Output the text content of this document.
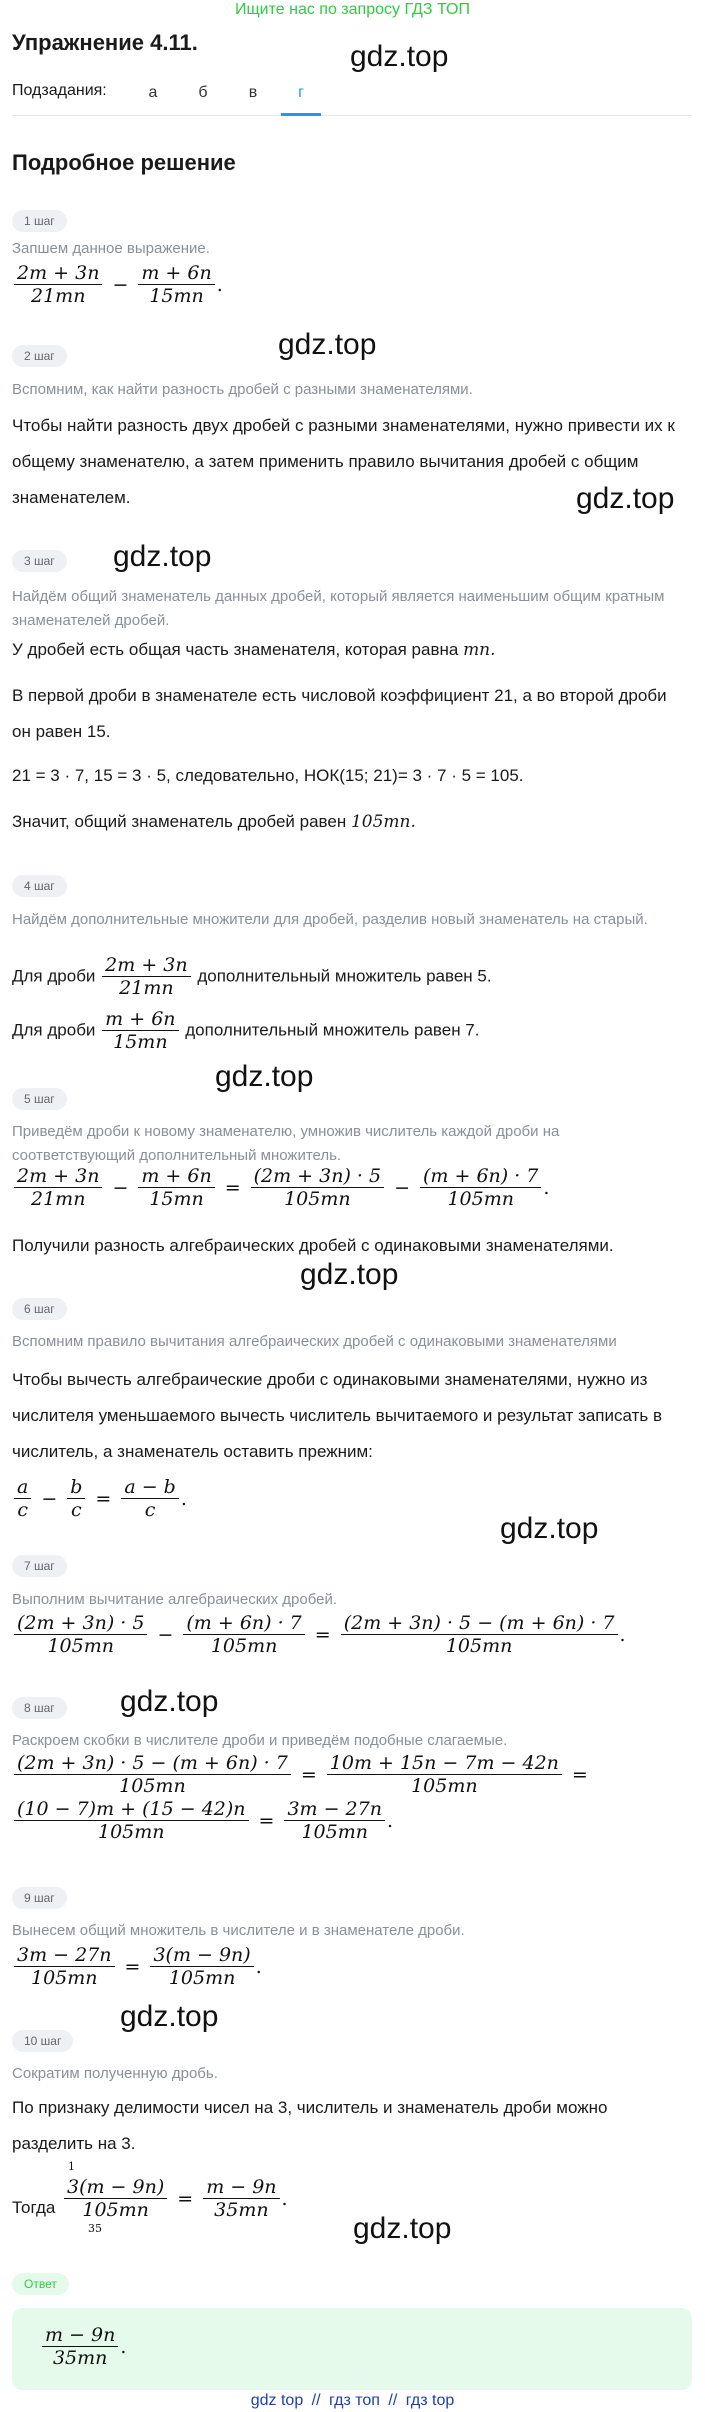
Ищите нас по запросу ГДЗ ТОП
Упражнение 4.11.
Подзадания:	а	б	в	г
gdz.top
Подробное решение
1 шаг
Запшем данное выражение.
$\frac{2m + 3n}{21mn} - \frac{m + 6n}{15mn}$ .
gdz.top
2 шаг
Вспомним, как найти разность дробей с разными знаменателями.
Чтобы найти разность двух дробей с разными знаменателями, нужно привести их к общему знаменателю, а затем применить правило вычитания дробей с общим знаменателем.	gdz.top
gdz.top
3 шаг
Найдём общий знаменатель данных дробей, который является наименьшим общим кратным знаменателей дробей.
У дробей есть общая часть знаменателя, которая равна mn.
В первой дроби в знаменателе есть числовой коэффициент 21, а во второй дроби он равен 15.
21 = 3 · 7, 15 = 3 · 5, следовательно, НОК(15; 21)= 3 · 7 · 5 = 105.
Значит, общий знаменатель дробей равен 105mn.
4 шаг
Найдём дополнительные множители для дробей, разделив новый знаменатель на старый.
Для дроби $\frac{2m + 3n}{21mn}$ дополнительный множитель равен 5.
Для дроби $\frac{m + 6n}{15mn}$ дополнительный множитель равен 7.
gdz.top
5 шаг
Приведём дроби к новому знаменателю, умножив числитель каждой дроби на соответствующий дополнительный множитель.
$\frac{2m + 3n}{21mn} - \frac{m + 6n}{15mn} = \frac{(2m + 3n) \cdot 5}{105mn} - \frac{(m + 6n) \cdot 7}{105mn}$ .
Получили разность алгебраических дробей с одинаковыми знаменателями.
gdz.top
6 шаг
Вспомним правило вычитания алгебраических дробей с одинаковыми знаменателями
Чтобы вычесть алгебраические дроби с одинаковыми знаменателями, нужно из числителя уменьшаемого вычесть числитель вычитаемого и результат записать в числитель, а знаменатель оставить прежним:
$\frac{a}{c} - \frac{b}{c} = \frac{a - b}{c}$ .
gdz.top
7 шаг
Выполним вычитание алгебраических дробей.
$\frac{(2m + 3n) \cdot 5}{105mn} - \frac{(m + 6n) \cdot 7}{105mn} = \frac{(2m + 3n) \cdot 5 - (m + 6n) \cdot 7}{105mn}$ .
gdz.top
8 шаг
Раскроем скобки в числителе дроби и приведём подобные слагаемые.
$\frac{(2m + 3n) \cdot 5 - (m + 6n) \cdot 7}{105mn} = \frac{10m + 15n - 7m - 42n}{105mn}$ =
$\frac{(10 - 7)m + (15 - 42)n}{105mn} = \frac{3m - 27n}{105mn}$ .
9 шаг
Вынесем общий множитель в числителе и в знаменателе дроби.
$\frac{3m - 27n}{105mn} = \frac{3(m - 9n)}{105mn}$ .
gdz.top
10 шаг
Сократим полученную дробь.
По признаку делимости чисел на 3, числитель и знаменатель дроби можно разделить на 3.
Тогда
1
3(m − 9n)
105mn
35
= $\frac{m - 9n}{35mn}$ .
gdz.top
Ответ
$\frac{m - 9n}{35mn}$ .
gdz top // гдз топ // гдз top
